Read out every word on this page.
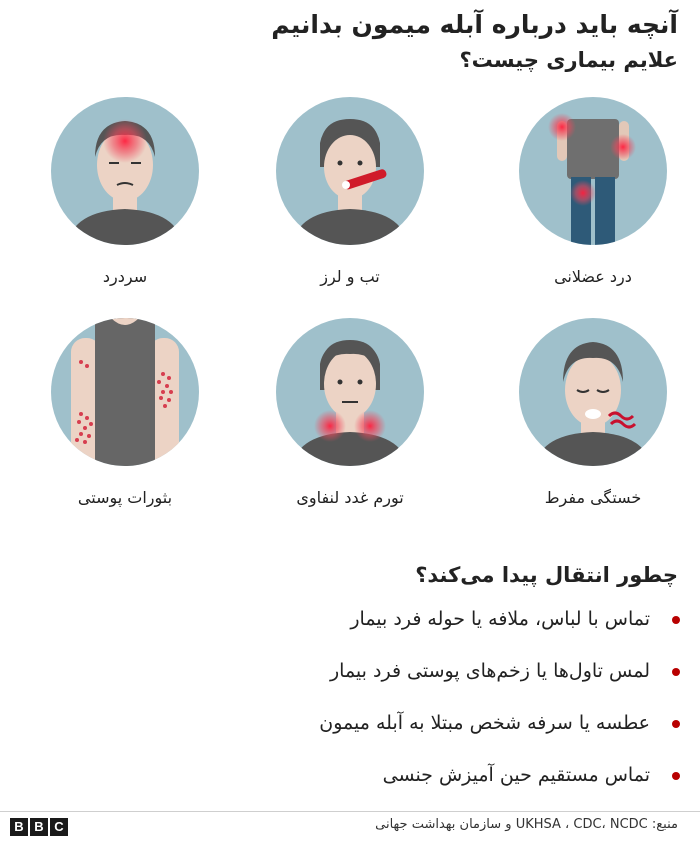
آنچه باید درباره آبله میمون بدانیم
علایم بیماری چیست؟
درد عضلانی
تب و لرز
سردرد
خستگی مفرط
تورم غدد لنفاوی
بثورات پوستی
چطور انتقال پیدا می‌کند؟
تماس با لباس، ملافه یا حوله فرد بیمار
لمس تاول‌ها یا زخم‌های پوستی فرد بیمار
عطسه یا سرفه شخص مبتلا به آبله میمون
تماس مستقیم حین آمیزش جنسی
منبع: UKHSA ، CDC، NCDC و سازمان بهداشت جهانی
B B C
